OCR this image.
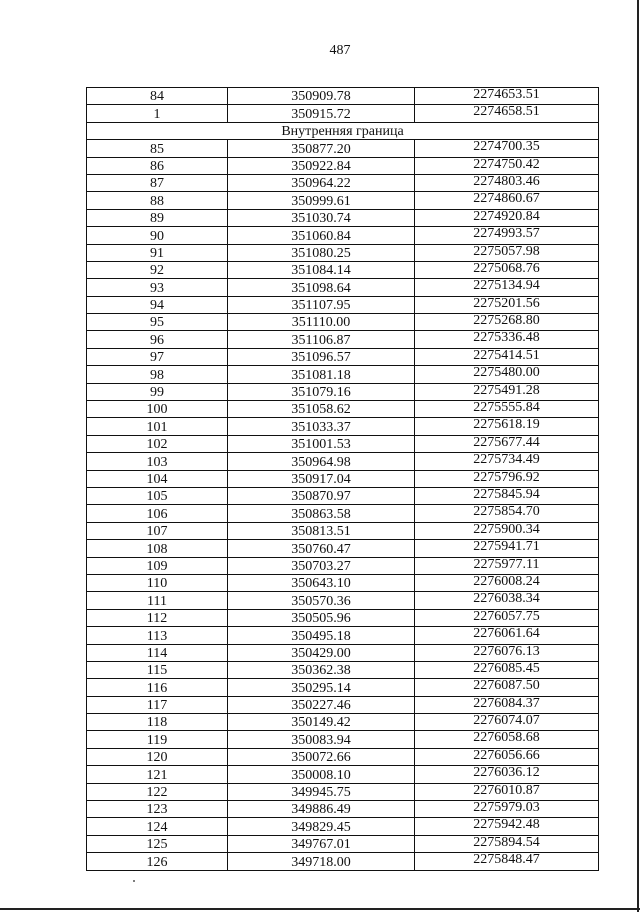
487
84	350909.78	2274653.51
1	350915.72	2274658.51
Внутренняя граница		
85	350877.20	2274700.35
86	350922.84	2274750.42
87	350964.22	2274803.46
88	350999.61	2274860.67
89	351030.74	2274920.84
90	351060.84	2274993.57
91	351080.25	2275057.98
92	351084.14	2275068.76
93	351098.64	2275134.94
94	351107.95	2275201.56
95	351110.00	2275268.80
96	351106.87	2275336.48
97	351096.57	2275414.51
98	351081.18	2275480.00
99	351079.16	2275491.28
100	351058.62	2275555.84
101	351033.37	2275618.19
102	351001.53	2275677.44
103	350964.98	2275734.49
104	350917.04	2275796.92
105	350870.97	2275845.94
106	350863.58	2275854.70
107	350813.51	2275900.34
108	350760.47	2275941.71
109	350703.27	2275977.11
110	350643.10	2276008.24
111	350570.36	2276038.34
112	350505.96	2276057.75
113	350495.18	2276061.64
114	350429.00	2276076.13
115	350362.38	2276085.45
116	350295.14	2276087.50
117	350227.46	2276084.37
118	350149.42	2276074.07
119	350083.94	2276058.68
120	350072.66	2276056.66
121	350008.10	2276036.12
122	349945.75	2276010.87
123	349886.49	2275979.03
124	349829.45	2275942.48
125	349767.01	2275894.54
126	349718.00	2275848.47
